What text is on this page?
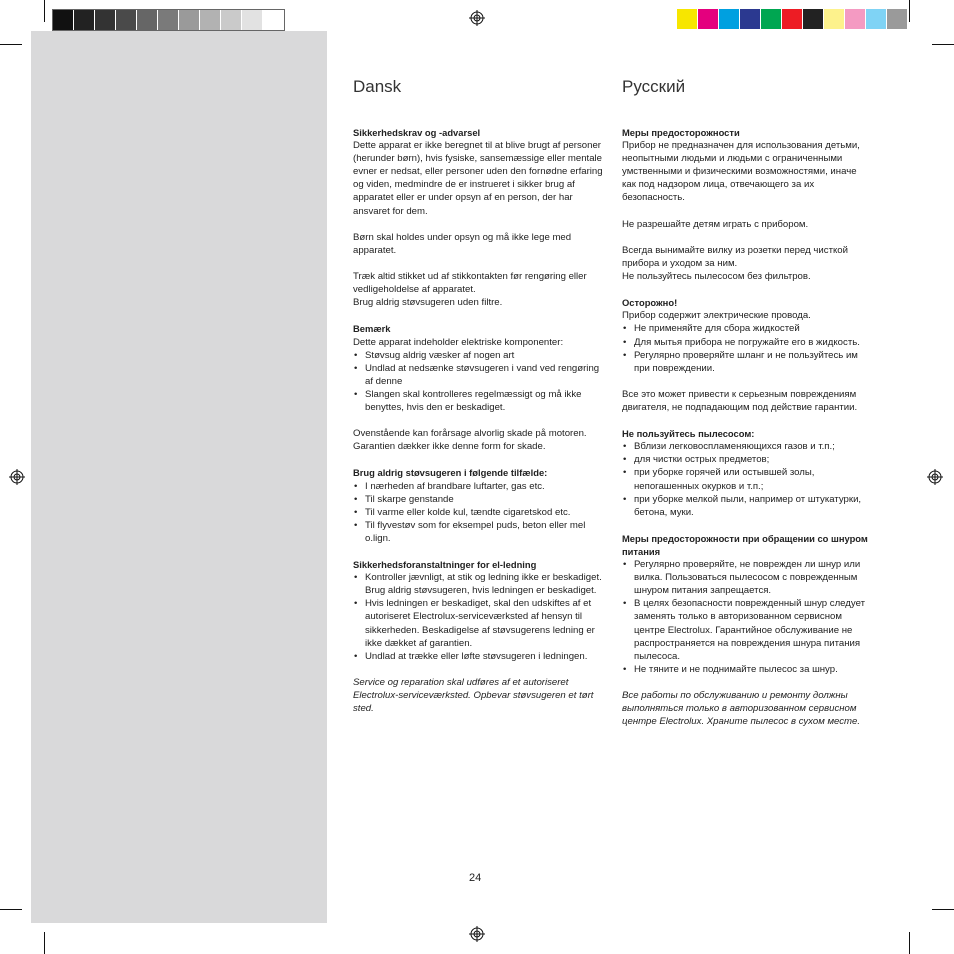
Dansk
Sikkerhedskrav og -advarsel

Dette apparat er ikke beregnet til at blive brugt af personer (herunder børn), hvis fysiske, sansemæssige eller mentale evner er nedsat, eller personer uden den fornødne erfaring og viden, medmindre de er instrueret i sikker brug af apparatet eller er under opsyn af en person, der har ansvaret for dem.

Børn skal holdes under opsyn og må ikke lege med apparatet.

Træk altid stikket ud af stikkontakten før rengøring eller vedligeholdelse af apparatet.

Brug aldrig støvsugeren uden filtre.

Bemærk

Dette apparat indeholder elektriske komponenter:

• Støvsug aldrig væsker af nogen art
• Undlad at nedsænke støvsugeren i vand ved rengøring af denne
• Slangen skal kontrolleres regelmæssigt og må ikke benyttes, hvis den er beskadiget.

Ovenstående kan forårsage alvorlig skade på motoren. Garantien dækker ikke denne form for skade.

Brug aldrig støvsugeren i følgende tilfælde:
• I nærheden af brandbare luftarter, gas etc.
• Til skarpe genstande
• Til varme eller kolde kul, tændte cigaretskod etc.
• Til flyvestøv som for eksempel puds, beton eller mel o.lign.
Sikkerhedsforanstaltninger for el-ledning
• Kontroller jævnligt, at stik og ledning ikke er beskadiget. Brug aldrig støvsugeren, hvis ledningen er beskadiget.
• Hvis ledningen er beskadiget, skal den udskiftes af et autoriseret Electrolux-serviceværksted af hensyn til sikkerheden. Beskadigelse af støvsugerens ledning er ikke dækket af garantien.
• Undlad at trække eller løfte støvsugeren i ledningen.

Service og reparation skal udføres af et autoriseret Electrolux-serviceværksted. Opbevar støvsugeren et tørt sted.

Русский
Меры предосторожности

Прибор не предназначен для использования детьми, неопытными людьми и людьми с ограниченными умственными и физическими возможностями, иначе как под надзором лица, отвечающего за их безопасность.

Не разрешайте детям играть с прибором.

Всегда вынимайте вилку из розетки перед чисткой прибора и уходом за ним.

Не пользуйтесь пылесосом без фильтров.

Осторожно!

Прибор содержит электрические провода.

• Не применяйте для сбора жидкостей
• Для мытья прибора не погружайте его в жидкость.
• Регулярно проверяйте шланг и не пользуйтесь им при повреждении.

Все это может привести к серьезным повреждениям двигателя, не подпадающим под действие гарантии.

Не пользуйтесь пылесосом:
• Вблизи легковоспламеняющихся газов и т.п.;
• для чистки острых предметов;
• при уборке горячей или остывшей золы, непогашенных окурков и т.п.;
• при уборке мелкой пыли, например от штукатурки, бетона, муки.
Меры предосторожности при обращении со шнуром питания
• Регулярно проверяйте, не поврежден ли шнур или вилка. Пользоваться пылесосом с поврежденным шнуром питания запрещается.
• В целях безопасности поврежденный шнур следует заменять только в авторизованном сервисном центре Electrolux. Гарантийное обслуживание не распространяется на повреждения шнура питания пылесоса.
• Не тяните и не поднимайте пылесос за шнур.

Все работы по обслуживанию и ремонту должны выполняться только в авторизованном сервисном центре Electrolux. Храните пылесос в сухом месте.

24
